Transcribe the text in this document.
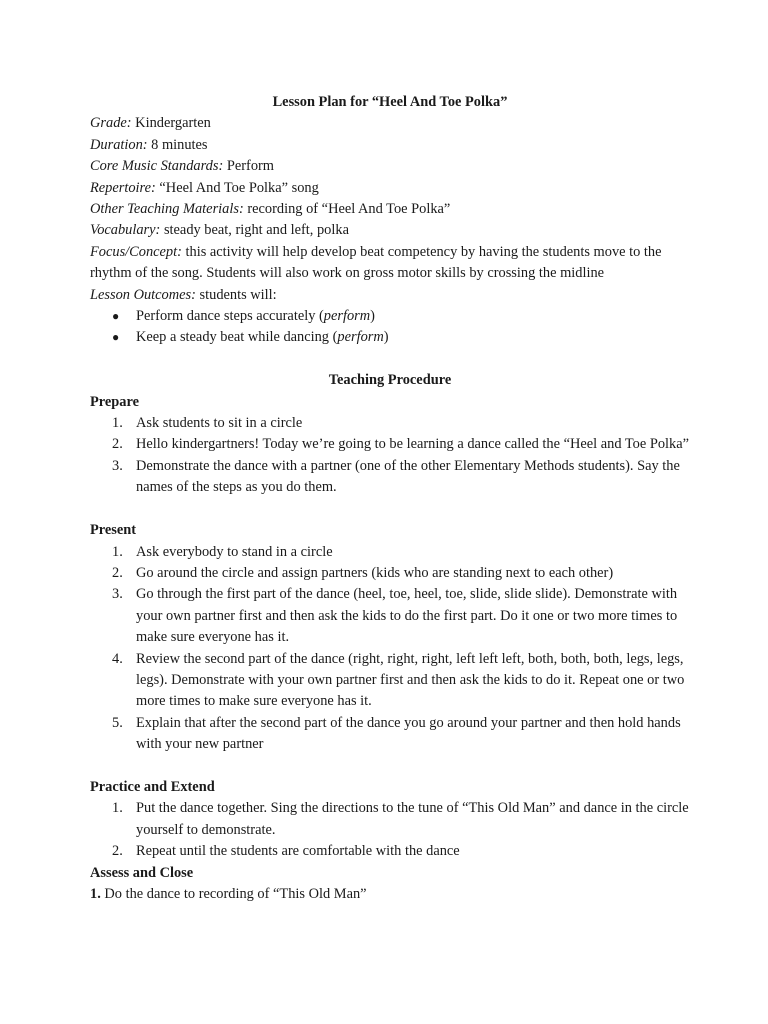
Lesson Plan for “Heel And Toe Polka”

Grade: Kindergarten

Duration: 8 minutes

Core Music Standards: Perform

Repertoire: “Heel And Toe Polka” song

Other Teaching Materials: recording of “Heel And Toe Polka”

Vocabulary: steady beat, right and left, polka

Focus/Concept: this activity will help develop beat competency by having the students move to the rhythm of the song. Students will also work on gross motor skills by crossing the midline

Lesson Outcomes: students will:

● Perform dance steps accurately (perform)
● Keep a steady beat while dancing (perform)

Teaching Procedure

Prepare

1. Ask students to sit in a circle
2. Hello kindergartners! Today we’re going to be learning a dance called the “Heel and Toe Polka”
3. Demonstrate the dance with a partner (one of the other Elementary Methods students). Say the names of the steps as you do them.

Present

1. Ask everybody to stand in a circle
2. Go around the circle and assign partners (kids who are standing next to each other)
3. Go through the first part of the dance (heel, toe, heel, toe, slide, slide slide). Demonstrate with your own partner first and then ask the kids to do the first part. Do it one or two more times to make sure everyone has it.
4. Review the second part of the dance (right, right, right, left left left, both, both, both, legs, legs, legs). Demonstrate with your own partner first and then ask the kids to do it. Repeat one or two more times to make sure everyone has it.
5. Explain that after the second part of the dance you go around your partner and then hold hands with your new partner

Practice and Extend

1. Put the dance together. Sing the directions to the tune of “This Old Man” and dance in the circle yourself to demonstrate.
2. Repeat until the students are comfortable with the dance

Assess and Close

1. Do the dance to recording of “This Old Man”
